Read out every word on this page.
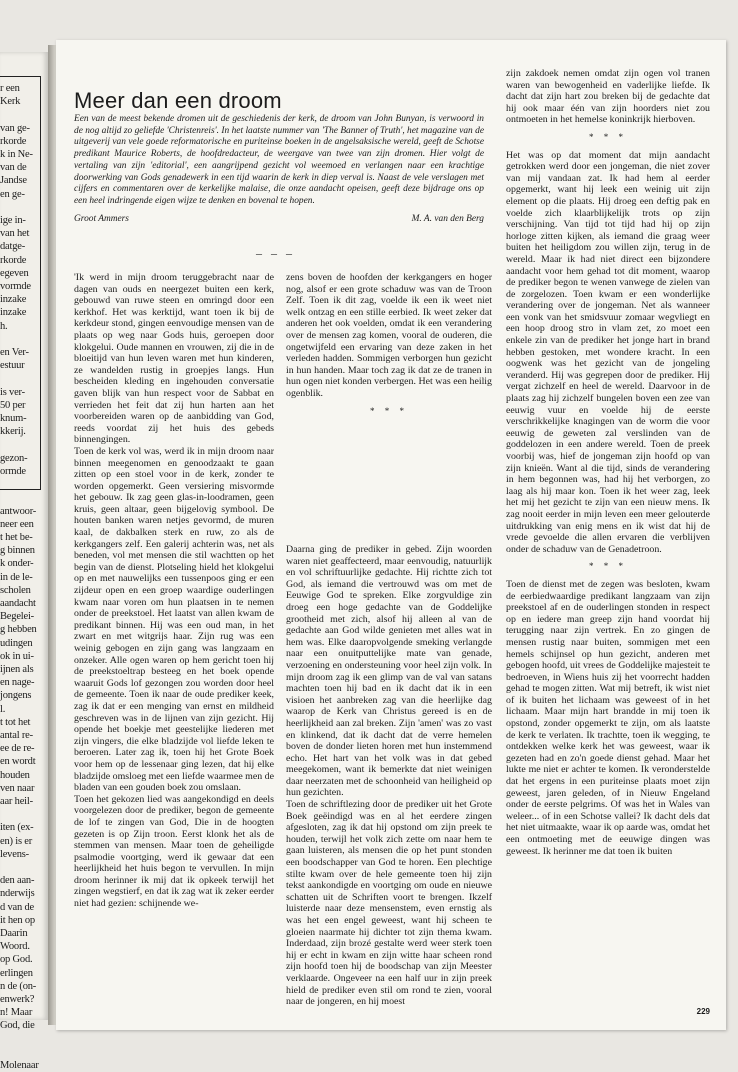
r een
Kerk

van ge-
rkorde
k in Ne-
van de
Jandse
en ge-

ige in-
van het
datge-
rkorde
egeven
vormde
inzake
inzake
h.

en Ver-
estuur

is ver-
50 per
knum-
kkerij.

gezon-
ormde

antwoor-
neer een
t het be-
g binnen
k onder-
in de le-
scholen
aandacht
Begelei-
g hebben
udingen
ok in ui-
ijnen als
en nage-
jongens
l.
t tot het
antal re-
ee de re-
en wordt
houden
ven naar
aar heil-

iten (ex-
en) is er
levens-

den aan-
nderwijs
d van de
it hen op
Daarin
Woord.
op God.
erlingen
n de (on-
enwerk?
n! Maar
God, die

Molenaar
Meer dan een droom

Een van de meest bekende dromen uit de geschiedenis der kerk, de droom van John Bunyan, is verwoord in de nog altijd zo geliefde 'Christenreis'. In het laatste nummer van 'The Banner of Truth', het magazine van de uitgeverij van vele goede reformatorische en puriteinse boeken in de angelsaksische wereld, geeft de Schotse predikant Maurice Roberts, de hoofdredacteur, de weergave van twee van zijn dromen. Hier volgt de vertaling van zijn 'editorial', een aangrijpend gezicht vol weemoed en verlangen naar een krachtige doorwerking van Gods genadewerk in een tijd waarin de kerk in diep verval is. Naast de vele verslagen met cijfers en commentaren over de kerkelijke malaise, die onze aandacht opeisen, geeft deze bijdrage ons op een heel indringende eigen wijze te denken en bovenal te hopen.

Groot Ammers	M. A. van den Berg
– – –

'Ik werd in mijn droom teruggebracht naar de dagen van ouds en neergezet buiten een kerk, gebouwd van ruwe steen en omringd door een kerkhof. Het was kerktijd, want toen ik bij de kerkdeur stond, gingen eenvoudige mensen van de plaats op weg naar Gods huis, geroepen door klokgelui. Oude mannen en vrouwen, zij die in de bloeitijd van hun leven waren met hun kinderen, ze wandelden rustig in groepjes langs. Hun bescheiden kleding en ingehouden conversatie gaven blijk van hun respect voor de Sabbat en verrieden het feit dat zij hun harten aan het voorbereiden waren op de aanbidding van God, reeds voordat zij het huis des gebeds binnengingen.

Toen de kerk vol was, werd ik in mijn droom naar binnen meegenomen en genoodzaakt te gaan zitten op een stoel voor in de kerk, zonder te worden opgemerkt. Geen versiering misvormde het gebouw. Ik zag geen glas-in-loodramen, geen kruis, geen altaar, geen bijgelovig symbool. De houten banken waren netjes gevormd, de muren kaal, de dakbalken sterk en ruw, zo als de kerkgangers zelf. Een galerij achterin was, net als beneden, vol met mensen die stil wachtten op het begin van de dienst. Plotseling hield het klokgelui op en met nauwelijks een tussenpoos ging er een zijdeur open en een groep waardige ouderlingen kwam naar voren om hun plaatsen in te nemen onder de preekstoel. Het laatst van allen kwam de predikant binnen. Hij was een oud man, in het zwart en met witgrijs haar. Zijn rug was een weinig gebogen en zijn gang was langzaam en onzeker. Alle ogen waren op hem gericht toen hij de preekstoeltrap besteeg en het boek opende waaruit Gods lof gezongen zou worden door heel de gemeente. Toen ik naar de oude prediker keek, zag ik dat er een menging van ernst en mildheid geschreven was in de lijnen van zijn gezicht. Hij opende het boekje met geestelijke liederen met zijn vingers, die elke bladzijde vol liefde leken te beroeren. Later zag ik, toen hij het Grote Boek voor hem op de lessenaar ging lezen, dat hij elke bladzijde omsloeg met een liefde waarmee men de bladen van een gouden boek zou omslaan.

Toen het gekozen lied was aangekondigd en deels voorgelezen door de prediker, begon de gemeente de lof te zingen van God, Die in de hoogten gezeten is op Zijn troon. Eerst klonk het als de stemmen van mensen. Maar toen de geheiligde psalmodie voortging, werd ik gewaar dat een heerlijkheid het huis begon te vervullen. In mijn droom herinner ik mij dat ik opkeek terwijl het zingen wegstierf, en dat ik zag wat ik zeker eerder niet had gezien: schijnende we-

zens boven de hoofden der kerkgangers en hoger nog, alsof er een grote schaduw was van de Troon Zelf. Toen ik dit zag, voelde ik een ik weet niet welk ontzag en een stille eerbied. Ik weet zeker dat anderen het ook voelden, omdat ik een verandering over de mensen zag komen, vooral de ouderen, die ongetwijfeld een ervaring van deze zaken in het verleden hadden. Sommigen verborgen hun gezicht in hun handen. Maar toch zag ik dat ze de tranen in hun ogen niet konden verbergen. Het was een heilig ogenblik.

* * *

Daarna ging de prediker in gebed. Zijn woorden waren niet geaffecteerd, maar eenvoudig, natuurlijk en vol schriftuurlijke gedachte. Hij richtte zich tot God, als iemand die vertrouwd was om met de Eeuwige God te spreken. Elke zorgvuldige zin droeg een hoge gedachte van de Goddelijke grootheid met zich, alsof hij alleen al van de gedachte aan God wilde genieten met alles wat in hem was. Elke daaropvolgende smeking verlangde naar een onuitputtelijke mate van genade, verzoening en ondersteuning voor heel zijn volk. In mijn droom zag ik een glimp van de val van satans machten toen hij bad en ik dacht dat ik in een visioen het aanbreken zag van die heerlijke dag waarop de Kerk van Christus gereed is en de heerlijkheid aan zal breken. Zijn 'amen' was zo vast en klinkend, dat ik dacht dat de verre hemelen boven de donder lieten horen met hun instemmend echo. Het hart van het volk was in dat gebed meegekomen, want ik bemerkte dat niet weinigen daar neerzaten met de schoonheid van heiligheid op hun gezichten.

Toen de schriftlezing door de prediker uit het Grote Boek geëindigd was en al het eerdere zingen afgesloten, zag ik dat hij opstond om zijn preek te houden, terwijl het volk zich zette om naar hem te gaan luisteren, als mensen die op het punt stonden een boodschapper van God te horen. Een plechtige stilte kwam over de hele gemeente toen hij zijn tekst aankondigde en voortging om oude en nieuwe schatten uit de Schriften voort te brengen. Ikzelf luisterde naar deze mensenstem, even ernstig als was het een engel geweest, want hij scheen te gloeien naarmate hij dichter tot zijn thema kwam. Inderdaad, zijn brozé gestalte werd weer sterk toen hij er echt in kwam en zijn witte haar scheen rond zijn hoofd toen hij de boodschap van zijn Meester verklaarde. Ongeveer na een half uur in zijn preek hield de prediker even stil om rond te zien, vooral naar de jongeren, en hij moest

zijn zakdoek nemen omdat zijn ogen vol tranen waren van bewogenheid en vaderlijke liefde. Ik dacht dat zijn hart zou breken bij de gedachte dat hij ook maar één van zijn hoorders niet zou ontmoeten in het hemelse koninkrijk hierboven.

* * *

Het was op dat moment dat mijn aandacht getrokken werd door een jongeman, die niet zover van mij vandaan zat. Ik had hem al eerder opgemerkt, want hij leek een weinig uit zijn element op die plaats. Hij droeg een deftig pak en voelde zich klaarblijkelijk trots op zijn verschijning. Van tijd tot tijd had hij op zijn horloge zitten kijken, als iemand die graag weer buiten het heiligdom zou willen zijn, terug in de wereld. Maar ik had niet direct een bijzondere aandacht voor hem gehad tot dit moment, waarop de prediker begon te wenen vanwege de zielen van de zorgelozen. Toen kwam er een wonderlijke verandering over de jongeman. Net als wanneer een vonk van het smidsvuur zomaar wegvliegt en een hoop droog stro in vlam zet, zo moet een enkele zin van de prediker het jonge hart in brand hebben gestoken, met wondere kracht. In een oogwenk was het gezicht van de jongeling veranderd. Hij was gegrepen door de prediker. Hij vergat zichzelf en heel de wereld. Daarvoor in de plaats zag hij zichzelf bungelen boven een zee van eeuwig vuur en voelde hij de eerste verschrikkelijke knagingen van de worm die voor eeuwig de geweten zal verslinden van de goddelozen in een andere wereld. Toen de preek voorbij was, hief de jongeman zijn hoofd op van zijn knieën. Want al die tijd, sinds de verandering in hem begonnen was, had hij het verborgen, zo laag als hij maar kon. Toen ik het weer zag, leek het mij het gezicht te zijn van een nieuw mens. Ik zag nooit eerder in mijn leven een meer gelouterde uitdrukking van enig mens en ik wist dat hij de vrede gevoelde die allen ervaren die verblijven onder de schaduw van de Genadetroon.

* * *

Toen de dienst met de zegen was besloten, kwam de eerbiedwaardige predikant langzaam van zijn preekstoel af en de ouderlingen stonden in respect op en iedere man greep zijn hand voordat hij terugging naar zijn vertrek. En zo gingen de mensen rustig naar buiten, sommigen met een hemels schijnsel op hun gezicht, anderen met gebogen hoofd, uit vrees de Goddelijke majesteit te bedroeven, in Wiens huis zij het voorrecht hadden gehad te mogen zitten. Wat mij betreft, ik wist niet of ik buiten het lichaam was geweest of in het lichaam. Maar mijn hart brandde in mij toen ik opstond, zonder opgemerkt te zijn, om als laatste de kerk te verlaten. Ik trachtte, toen ik wegging, te ontdekken welke kerk het was geweest, waar ik gezeten had en zo'n goede dienst gehad. Maar het lukte me niet er achter te komen. Ik veronderstelde dat het ergens in een puriteinse plaats moet zijn geweest, jaren geleden, of in Nieuw Engeland onder de eerste pelgrims. Of was het in Wales van weleer... of in een Schotse vallei? Ik dacht dels dat het niet uitmaakte, waar ik op aarde was, omdat het een ontmoeting met de eeuwige dingen was geweest. Ik herinner me dat toen ik buiten

229
